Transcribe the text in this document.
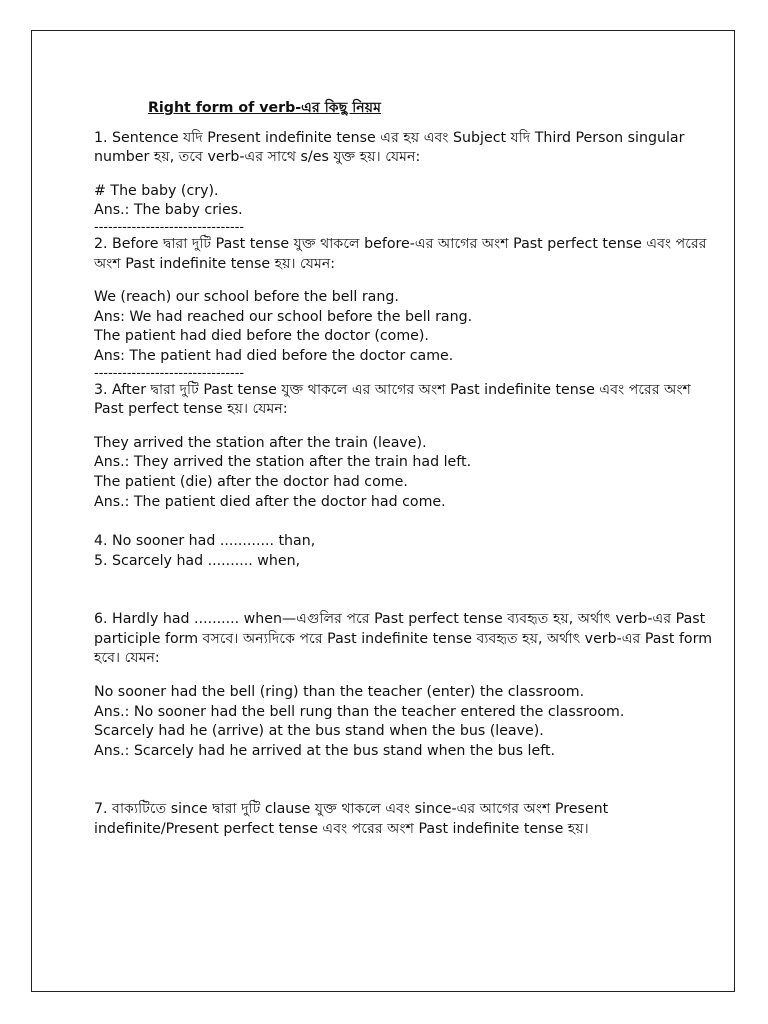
Right form of verb-এর কিছু নিয়ম

1. Sentence যদি Present indefinite tense এর হয় এবং Subject যদি Third Person singular number হয়, তবে verb-এর সাথে s/es যুক্ত হয়। যেমন:

# The baby (cry).

Ans.: The baby cries.

--------------------------------

2. Before দ্বারা দুটি Past tense যুক্ত থাকলে before-এর আগের অংশ Past perfect tense এবং পরের অংশ Past indefinite tense হয়। যেমন:

We (reach) our school before the bell rang.

Ans: We had reached our school before the bell rang.

The patient had died before the doctor (come).

Ans: The patient had died before the doctor came.

--------------------------------

3. After দ্বারা দুটি Past tense যুক্ত থাকলে এর আগের অংশ Past indefinite tense এবং পরের অংশ Past perfect tense হয়। যেমন:

They arrived the station after the train (leave).

Ans.: They arrived the station after the train had left.

The patient (die) after the doctor had come.

Ans.: The patient died after the doctor had come.

4. No sooner had ............ than,

5. Scarcely had .......... when,

6. Hardly had .......... when—এগুলির পরে Past perfect tense ব্যবহৃত হয়, অর্থাৎ verb-এর Past participle form বসবে। অন্যদিকে পরে Past indefinite tense ব্যবহৃত হয়, অর্থাৎ verb-এর Past form হবে। যেমন:

No sooner had the bell (ring) than the teacher (enter) the classroom.

Ans.: No sooner had the bell rung than the teacher entered the classroom.

Scarcely had he (arrive) at the bus stand when the bus (leave).

Ans.: Scarcely had he arrived at the bus stand when the bus left.

7. বাক্যটিতে since দ্বারা দুটি clause যুক্ত থাকলে এবং since-এর আগের অংশ Present indefinite/Present perfect tense এবং পরের অংশ Past indefinite tense হয়।
